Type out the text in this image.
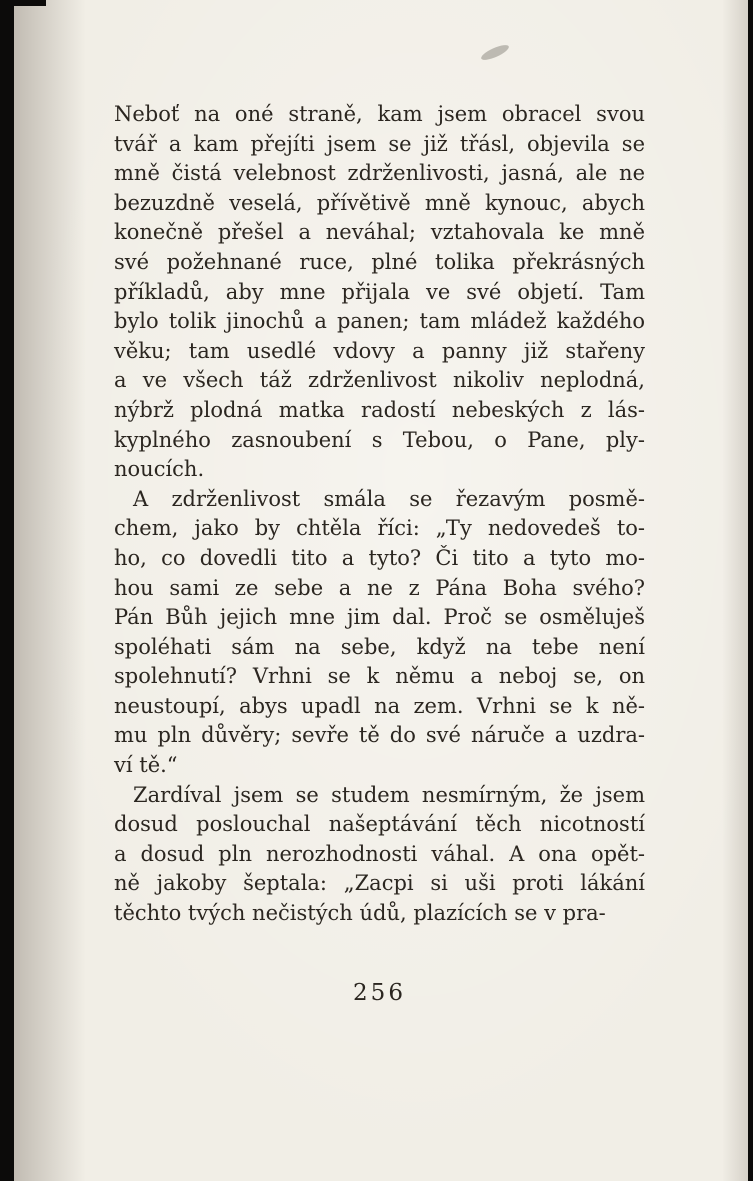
Neboť na oné straně, kam jsem obracel svou
tvář a kam přejíti jsem se již třásl, objevila se
mně čistá velebnost zdrženlivosti, jasná, ale ne
bezuzdně veselá, přívětivě mně kynouc, abych
konečně přešel a neváhal; vztahovala ke mně
své požehnané ruce, plné tolika překrásných
příkladů, aby mne přijala ve své objetí. Tam
bylo tolik jinochů a panen; tam mládež každého
věku; tam usedlé vdovy a panny již stařeny
a ve všech táž zdrženlivost nikoliv neplodná,
nýbrž plodná matka radostí nebeských z lás-
kyplného zasnoubení s Tebou, o Pane, ply-
noucích.
A zdrženlivost smála se řezavým posmě-
chem, jako by chtěla říci: „Ty nedovedeš to-
ho, co dovedli tito a tyto? Či tito a tyto mo-
hou sami ze sebe a ne z Pána Boha svého?
Pán Bůh jejich mne jim dal. Proč se osměluješ
spoléhati sám na sebe, když na tebe není
spolehnutí? Vrhni se k němu a neboj se, on
neustoupí, abys upadl na zem. Vrhni se k ně-
mu pln důvěry; sevře tě do své náruče a uzdra-
ví tě.“
Zardíval jsem se studem nesmírným, že jsem
dosud poslouchal našeptávání těch nicotností
a dosud pln nerozhodnosti váhal. A ona opět-
ně jakoby šeptala: „Zacpi si uši proti lákání
těchto tvých nečistých údů, plazících se v pra-
256
